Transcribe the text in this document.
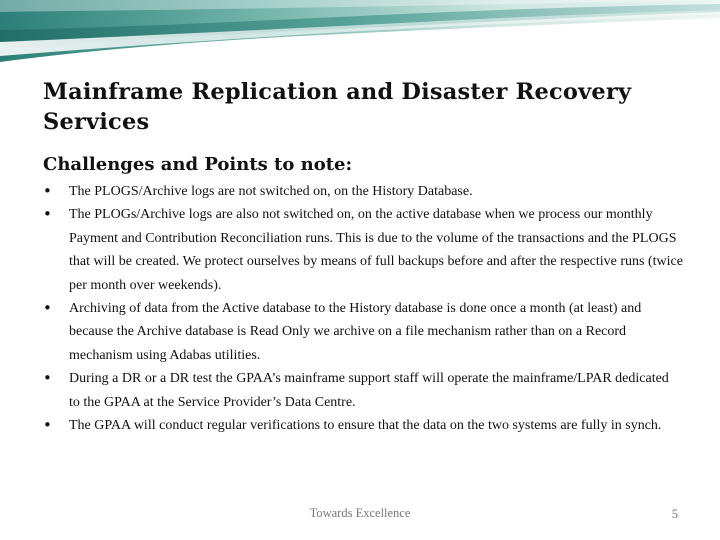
Mainframe Replication and Disaster Recovery Services
Challenges and Points to note:
• The PLOGS/Archive logs are not switched on, on the History Database.
• The PLOGs/Archive logs are also not switched on, on the active database when we process our monthly Payment and Contribution Reconciliation runs. This is due to the volume of the transactions and the PLOGS that will be created. We protect ourselves by means of full backups before and after the respective runs (twice per month over weekends).
• Archiving of data from the Active database to the History database is done once a month (at least) and because the Archive database is Read Only we archive on a file mechanism rather than on a Record mechanism using Adabas utilities.
• During a DR or a DR test the GPAA’s mainframe support staff will operate the mainframe/LPAR dedicated to the GPAA at the Service Provider’s Data Centre.
• The GPAA will conduct regular verifications to ensure that the data on the two systems are fully in synch.
Towards Excellence	5
